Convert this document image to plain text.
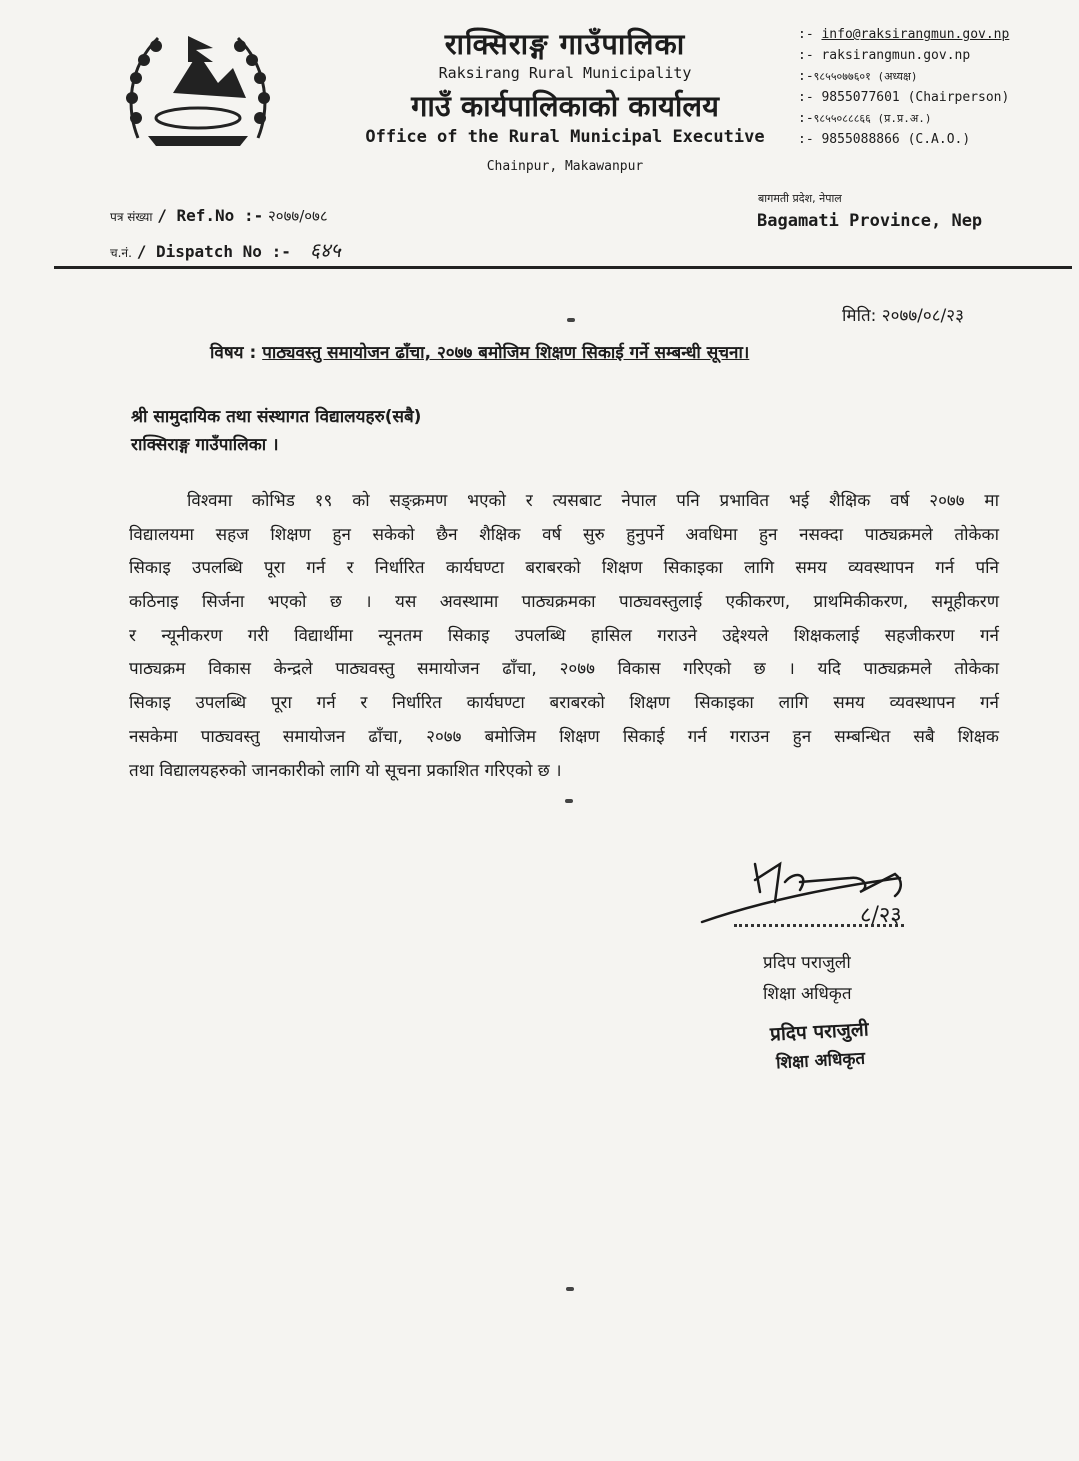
राक्सिराङ्ग गाउँपालिका
Raksirang Rural Municipality
गाउँ कार्यपालिकाको कार्यालय
Office of the Rural Municipal Executive
Chainpur, Makawanpur
:- info@raksirangmun.gov.np
:- raksirangmun.gov.np
:-९८५५०७७६०१ (अध्यक्ष)
:- 9855077601 (Chairperson)
:-९८५५०८८८६६ (प्र.प्र.अ.)
:- 9855088866 (C.A.O.)
बागमती प्रदेश, नेपाल
Bagamati Province, Nep
पत्र संख्या / Ref.No :- २०७७/०७८
च.नं. / Dispatch No :- ६४५
मिति: २०७७/०८/२३
विषय : पाठ्यवस्तु समायोजन ढाँचा, २०७७ बमोजिम शिक्षण सिकाई गर्ने सम्बन्धी सूचना।
श्री सामुदायिक तथा संस्थागत विद्यालयहरु(सबै)
राक्सिराङ्ग गाउँपालिका ।
विश्वमा कोभिड १९ को सङ्क्रमण भएको र त्यसबाट नेपाल पनि प्रभावित भई शैक्षिक वर्ष २०७७ मा
विद्यालयमा सहज शिक्षण हुन सकेको छैन शैक्षिक वर्ष सुरु हुनुपर्ने अवधिमा हुन नसक्दा पाठ्यक्रमले तोकेका
सिकाइ उपलब्धि पूरा गर्न र निर्धारित कार्यघण्टा बराबरको शिक्षण सिकाइका लागि समय व्यवस्थापन गर्न पनि
कठिनाइ सिर्जना भएको छ । यस अवस्थामा पाठ्यक्रमका पाठ्यवस्तुलाई एकीकरण, प्राथमिकीकरण, समूहीकरण
र न्यूनीकरण गरी विद्यार्थीमा न्यूनतम सिकाइ उपलब्धि हासिल गराउने उद्देश्यले शिक्षकलाई सहजीकरण गर्न
पाठ्यक्रम विकास केन्द्रले पाठ्यवस्तु समायोजन ढाँचा, २०७७ विकास गरिएको छ । यदि पाठ्यक्रमले तोकेका
सिकाइ उपलब्धि पूरा गर्न र निर्धारित कार्यघण्टा बराबरको शिक्षण सिकाइका लागि समय व्यवस्थापन गर्न
नसकेमा पाठ्यवस्तु समायोजन ढाँचा, २०७७ बमोजिम शिक्षण सिकाई गर्न गराउन हुन सम्बन्धित सबै शिक्षक
तथा विद्यालयहरुको जानकारीको लागि यो सूचना प्रकाशित गरिएको छ ।
८/२३
प्रदिप पराजुली
शिक्षा अधिकृत
प्रदिप पराजुली
शिक्षा अधिकृत
